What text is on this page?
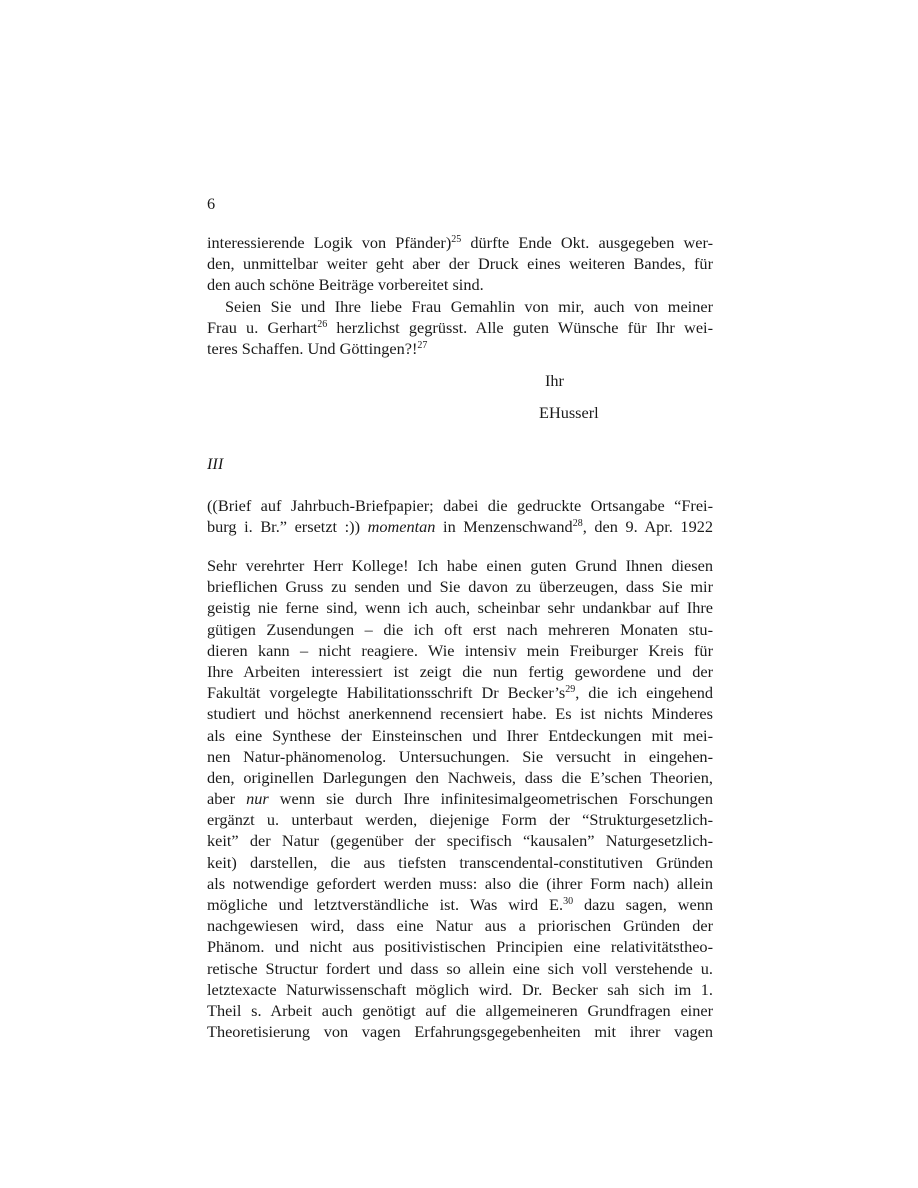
6
interessierende Logik von Pfänder)$^{25}$ dürfte Ende Okt. ausgegeben wer-
den, unmittelbar weiter geht aber der Druck eines weiteren Bandes, für
den auch schöne Beiträge vorbereitet sind.
Seien Sie und Ihre liebe Frau Gemahlin von mir, auch von meiner
Frau u. Gerhart$^{26}$ herzlichst gegrüsst. Alle guten Wünsche für Ihr wei-
teres Schaffen. Und Göttingen?!$^{27}$
Ihr
EHusserl
III
((Brief auf Jahrbuch-Briefpapier; dabei die gedruckte Ortsangabe “Frei-
burg i. Br.” ersetzt :)) momentan in Menzenschwand$^{28}$, den 9. Apr. 1922
Sehr verehrter Herr Kollege! Ich habe einen guten Grund Ihnen diesen
brieflichen Gruss zu senden und Sie davon zu überzeugen, dass Sie mir
geistig nie ferne sind, wenn ich auch, scheinbar sehr undankbar auf Ihre
gütigen Zusendungen – die ich oft erst nach mehreren Monaten stu-
dieren kann – nicht reagiere. Wie intensiv mein Freiburger Kreis für
Ihre Arbeiten interessiert ist zeigt die nun fertig gewordene und der
Fakultät vorgelegte Habilitationsschrift Dr $Becker’s^{29}$, die ich eingehend
studiert und höchst anerkennend recensiert habe. Es ist nichts Minderes
als eine Synthese der Einsteinschen und Ihrer Entdeckungen mit mei-
nen Natur-phänomenolog. Untersuchungen. Sie versucht in eingehen-
den, originellen Darlegungen den Nachweis, dass die E’schen Theorien,
aber nur wenn sie durch Ihre infinitesimalgeometrischen Forschungen
ergänzt u. unterbaut werden, diejenige Form der “Strukturgesetzlich-
keit” der Natur (gegenüber der specifisch “kausalen” Naturgesetzlich-
keit) darstellen, die aus tiefsten transcendental-constitutiven Gründen
als notwendige gefordert werden muss: also die (ihrer Form nach) allein
mögliche und letztverständliche ist. Was wird E.$^{30}$ dazu sagen, wenn
nachgewiesen wird, dass eine Natur aus a priorischen Gründen der
Phänom. und nicht aus positivistischen Principien eine relativitätstheo-
retische Structur fordert und dass so allein eine sich voll verstehende u.
letztexacte Naturwissenschaft möglich wird. Dr. Becker sah sich im 1.
Theil s. Arbeit auch genötigt auf die allgemeineren Grundfragen einer
Theoretisierung von vagen Erfahrungsgegebenheiten mit ihrer vagen
